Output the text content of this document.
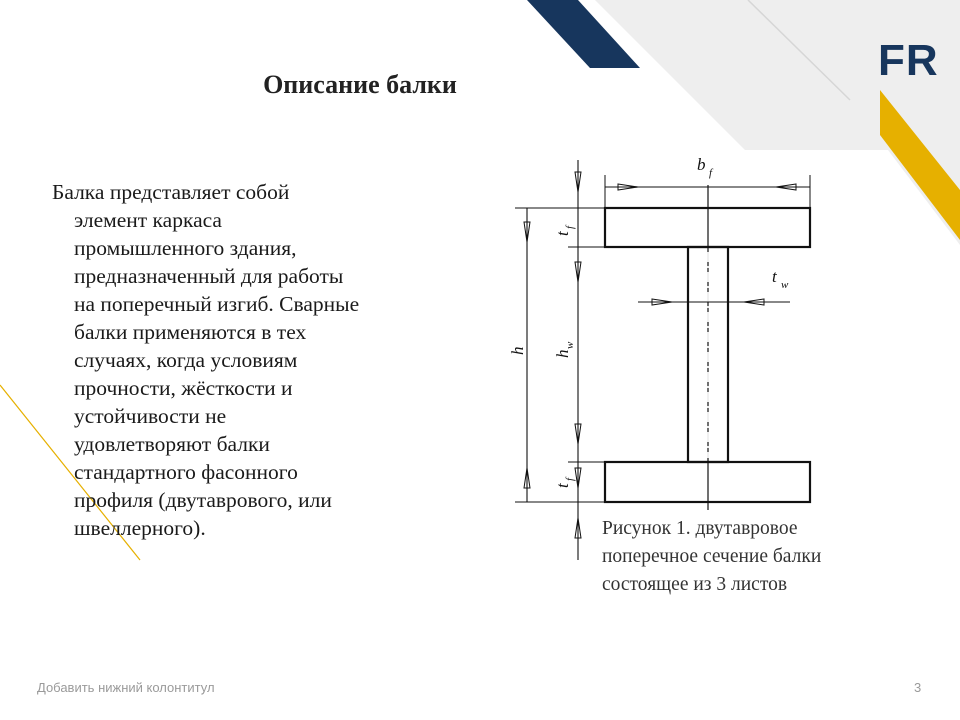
FR
Описание балки

Балка представляет собой
элемент каркаса
промышленного здания,
предназначенный для работы
на поперечный изгиб. Сварные
балки применяются в тех
случаях, когда условиям
прочности, жёсткости и
устойчивости не
удовлетворяют балки
стандартного фасонного
профиля (двутаврового, или
швеллерного).

b f
t w
t
f
h h
w
t
f

Рисунок 1. двутавровое
поперечное сечение балки
состоящее из 3 листов

Добавить нижний колонтитул	3
